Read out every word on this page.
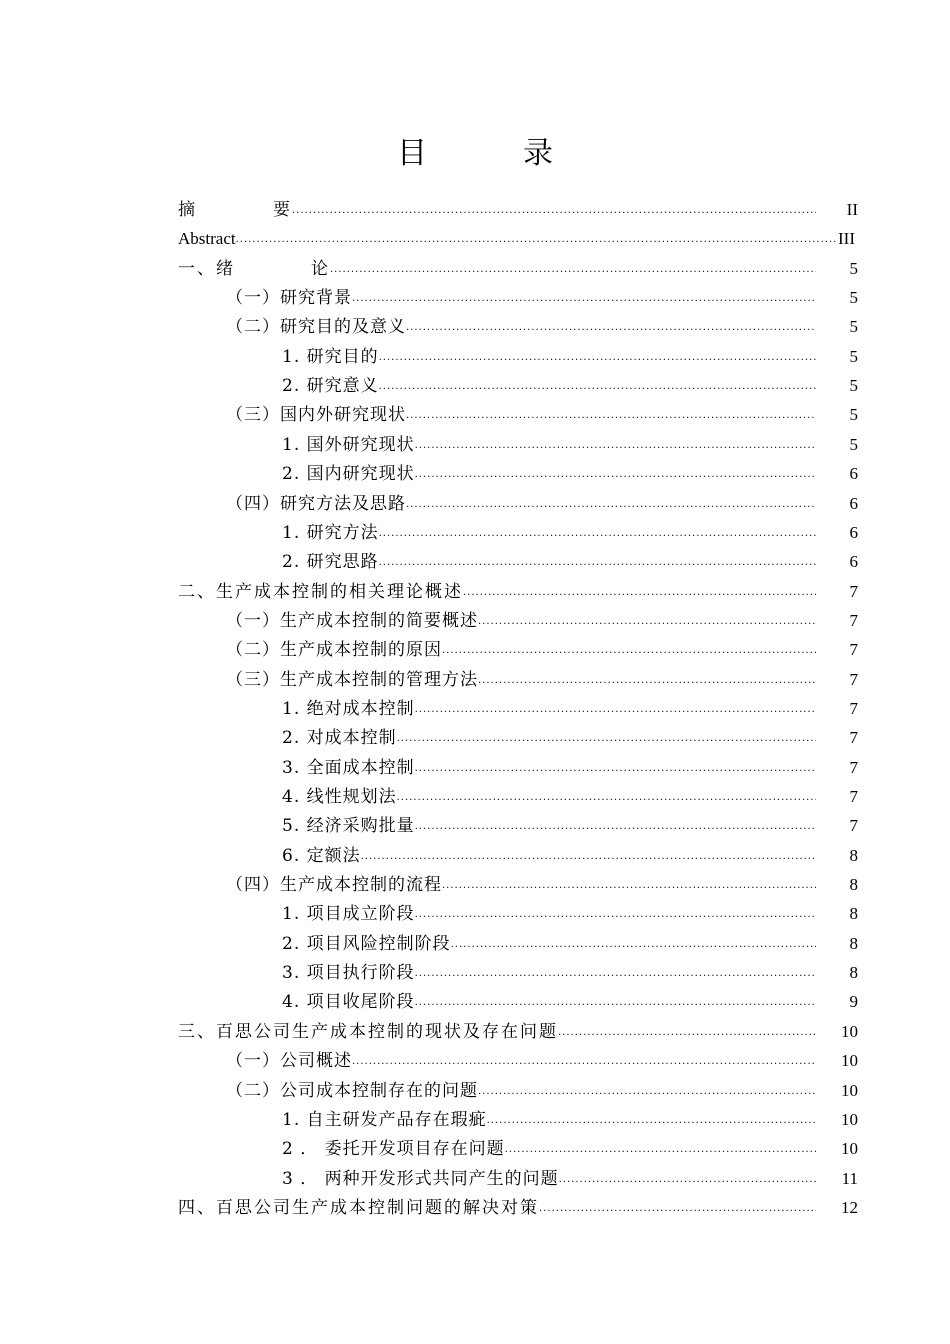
目	录
摘　　　　要 .....	II
Abstract .....	III
一、绪　　　　论 .....	5
（一）研究背景 .....	5
（二）研究目的及意义 .....	5
1. 研究目的 .....	5
2. 研究意义 .....	5
（三）国内外研究现状 .....	5
1. 国外研究现状 .....	5
2. 国内研究现状 .....	6
（四）研究方法及思路 .....	6
1. 研究方法 .....	6
2. 研究思路 .....	6
二、生产成本控制的相关理论概述 .....	7
（一）生产成本控制的简要概述 .....	7
（二）生产成本控制的原因 .....	7
（三）生产成本控制的管理方法 .....	7
1. 绝对成本控制 .....	7
2. 对成本控制 .....	7
3. 全面成本控制 .....	7
4. 线性规划法 .....	7
5. 经济采购批量 .....	7
6. 定额法 .....	8
（四）生产成本控制的流程 .....	8
1. 项目成立阶段 .....	8
2. 项目风险控制阶段 .....	8
3. 项目执行阶段 .....	8
4. 项目收尾阶段 .....	9
三、百思公司生产成本控制的现状及存在问题 .....	10
（一）公司概述 .....	10
（二）公司成本控制存在的问题 .....	10
1. 自主研发产品存在瑕疵 .....	10
2 ． 委托开发项目存在问题 .....	10
3 ． 两种开发形式共同产生的问题 .....	11
四、百思公司生产成本控制问题的解决对策 .....	12
